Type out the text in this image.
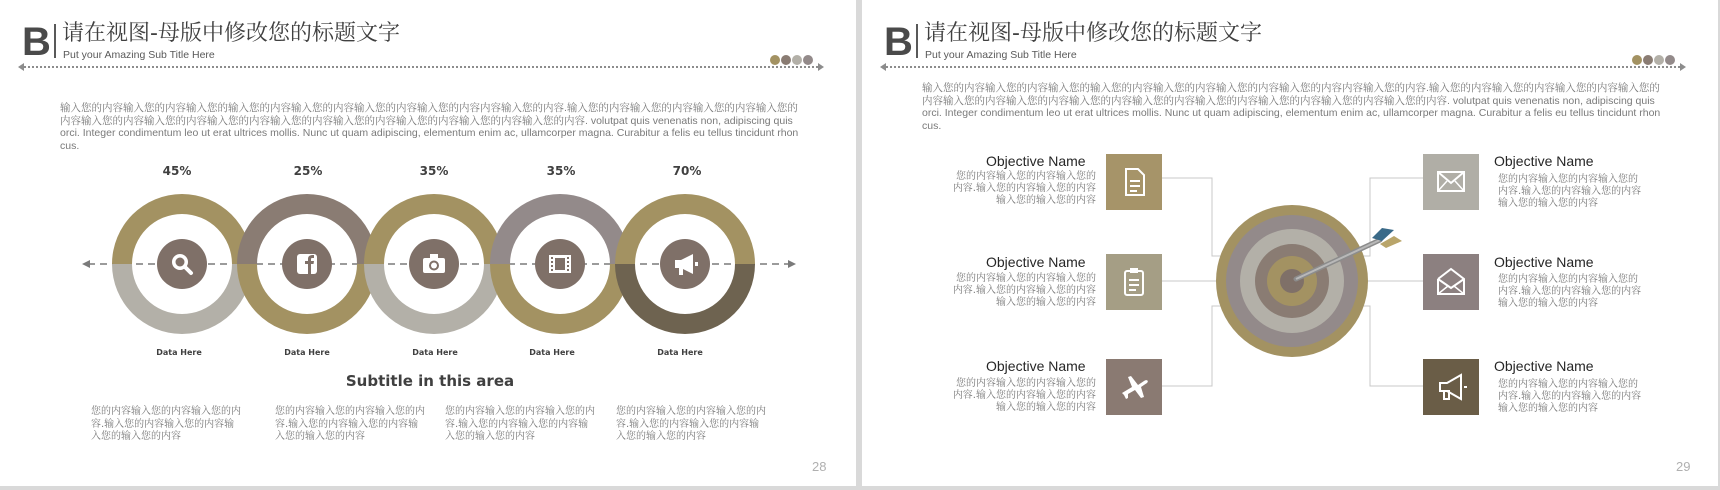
B 请在视图-母版中修改您的标题文字
Put your Amazing Sub Title Here
输入您的内容输入您的内容输入您的输入您的内容输入您的内容输入您的内容输入您的内容内容输入您的内容.输入您的内容输入您的内容输入您的内容输入您的内容输入您的内容输入您的内容输入您的内容输入您的内容输入您的内容输入您的内容输入您的内容输入您的内容. volutpat quis venenatis non, adipiscing quis orci. Integer condimentum leo ut erat ultrices mollis. Nunc ut quam adipiscing, elementum enim ac, ullamcorper magna. Curabitur a felis eu tellus tincidunt rhoncus.
45%	25%	35%	35%	70%
Data Here	Data Here	Data Here	Data Here	Data Here
Subtitle in this area
您的内容输入您的内容输入您的内容.输入您的内容输入您的内容输入您的输入您的内容
您的内容输入您的内容输入您的内容.输入您的内容输入您的内容输入您的输入您的内容
您的内容输入您的内容输入您的内容.输入您的内容输入您的内容输入您的输入您的内容
您的内容输入您的内容输入您的内容.输入您的内容输入您的内容输入您的输入您的内容
28
B 请在视图-母版中修改您的标题文字
Put your Amazing Sub Title Here
输入您的内容输入您的内容输入您的输入您的内容输入您的内容输入您的内容输入您的内容内容输入您的内容.输入您的内容输入您的内容输入您的内容输入您的内容输入您的内容输入您的内容输入您的内容输入您的内容输入您的内容输入您的内容输入您的内容输入您的内容. volutpat quis venenatis non, adipiscing quis orci. Integer condimentum leo ut erat ultrices mollis. Nunc ut quam adipiscing, elementum enim ac, ullamcorper magna. Curabitur a felis eu tellus tincidunt rhoncus.
Objective Name
您的内容输入您的内容输入您的内容.输入您的内容输入您的内容输入您的输入您的内容
Objective Name
您的内容输入您的内容输入您的内容.输入您的内容输入您的内容输入您的输入您的内容
Objective Name
您的内容输入您的内容输入您的内容.输入您的内容输入您的内容输入您的输入您的内容
Objective Name
您的内容输入您的内容输入您的内容.输入您的内容输入您的内容输入您的输入您的内容
Objective Name
您的内容输入您的内容输入您的内容.输入您的内容输入您的内容输入您的输入您的内容
Objective Name
您的内容输入您的内容输入您的内容.输入您的内容输入您的内容输入您的输入您的内容
29
